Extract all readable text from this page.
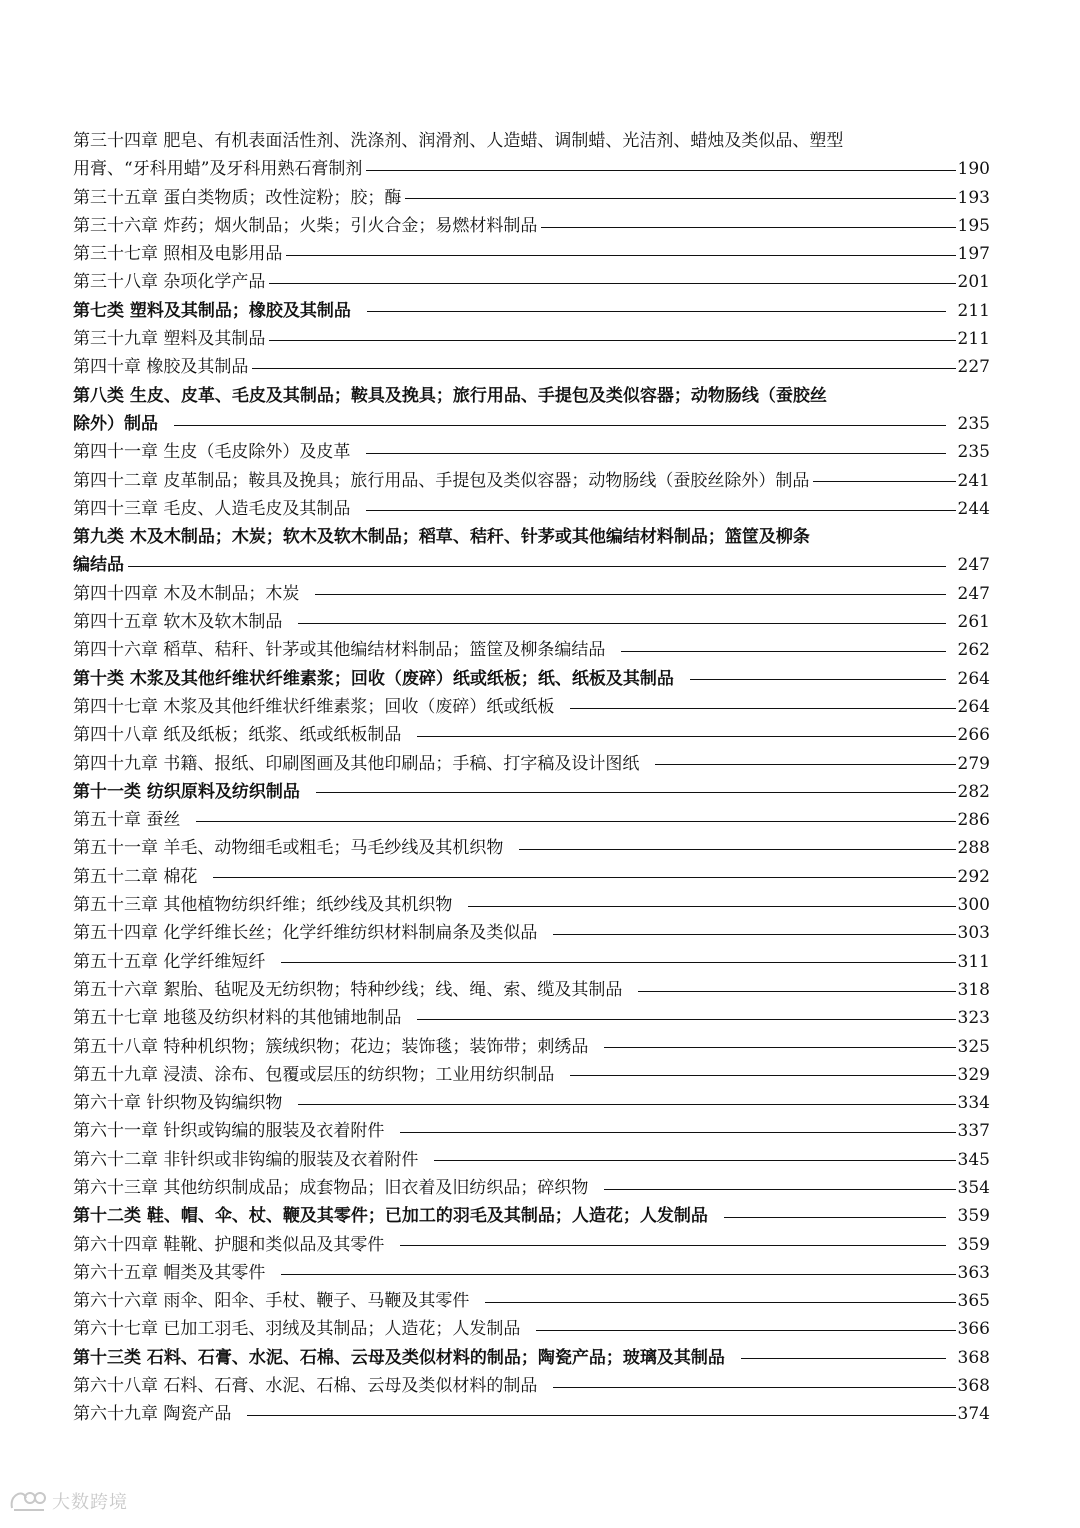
第三十四章 肥皂、有机表面活性剂、洗涤剂、润滑剂、人造蜡、调制蜡、光洁剂、蜡烛及类似品、塑型
用膏、“牙科用蜡”及牙科用熟石膏制剂	190
第三十五章 蛋白类物质；改性淀粉；胶；酶	193
第三十六章 炸药；烟火制品；火柴；引火合金；易燃材料制品	195
第三十七章 照相及电影用品	197
第三十八章 杂项化学产品	201
第七类 塑料及其制品；橡胶及其制品	211
第三十九章 塑料及其制品	211
第四十章 橡胶及其制品	227
第八类 生皮、皮革、毛皮及其制品；鞍具及挽具；旅行用品、手提包及类似容器；动物肠线（蚕胶丝
除外）制品	235
第四十一章 生皮（毛皮除外）及皮革	235
第四十二章 皮革制品；鞍具及挽具；旅行用品、手提包及类似容器；动物肠线（蚕胶丝除外）制品	241
第四十三章 毛皮、人造毛皮及其制品	244
第九类 木及木制品；木炭；软木及软木制品；稻草、秸秆、针茅或其他编结材料制品；篮筐及柳条
编结品	247
第四十四章 木及木制品；木炭	247
第四十五章 软木及软木制品	261
第四十六章 稻草、秸秆、针茅或其他编结材料制品；篮筐及柳条编结品	262
第十类 木浆及其他纤维状纤维素浆；回收（废碎）纸或纸板；纸、纸板及其制品	264
第四十七章 木浆及其他纤维状纤维素浆；回收（废碎）纸或纸板	264
第四十八章 纸及纸板；纸浆、纸或纸板制品	266
第四十九章 书籍、报纸、印刷图画及其他印刷品；手稿、打字稿及设计图纸	279
第十一类 纺织原料及纺织制品	282
第五十章 蚕丝	286
第五十一章 羊毛、动物细毛或粗毛；马毛纱线及其机织物	288
第五十二章 棉花	292
第五十三章 其他植物纺织纤维；纸纱线及其机织物	300
第五十四章 化学纤维长丝；化学纤维纺织材料制扁条及类似品	303
第五十五章 化学纤维短纤	311
第五十六章 絮胎、毡呢及无纺织物；特种纱线；线、绳、索、缆及其制品	318
第五十七章 地毯及纺织材料的其他铺地制品	323
第五十八章 特种机织物；簇绒织物；花边；装饰毯；装饰带；刺绣品	325
第五十九章 浸渍、涂布、包覆或层压的纺织物；工业用纺织制品	329
第六十章 针织物及钩编织物	334
第六十一章 针织或钩编的服装及衣着附件	337
第六十二章 非针织或非钩编的服装及衣着附件	345
第六十三章 其他纺织制成品；成套物品；旧衣着及旧纺织品；碎织物	354
第十二类 鞋、帽、伞、杖、鞭及其零件；已加工的羽毛及其制品；人造花；人发制品	359
第六十四章 鞋靴、护腿和类似品及其零件	359
第六十五章 帽类及其零件	363
第六十六章 雨伞、阳伞、手杖、鞭子、马鞭及其零件	365
第六十七章 已加工羽毛、羽绒及其制品；人造花；人发制品	366
第十三类 石料、石膏、水泥、石棉、云母及类似材料的制品；陶瓷产品；玻璃及其制品	368
第六十八章 石料、石膏、水泥、石棉、云母及类似材料的制品	368
第六十九章 陶瓷产品	374
大数跨境
